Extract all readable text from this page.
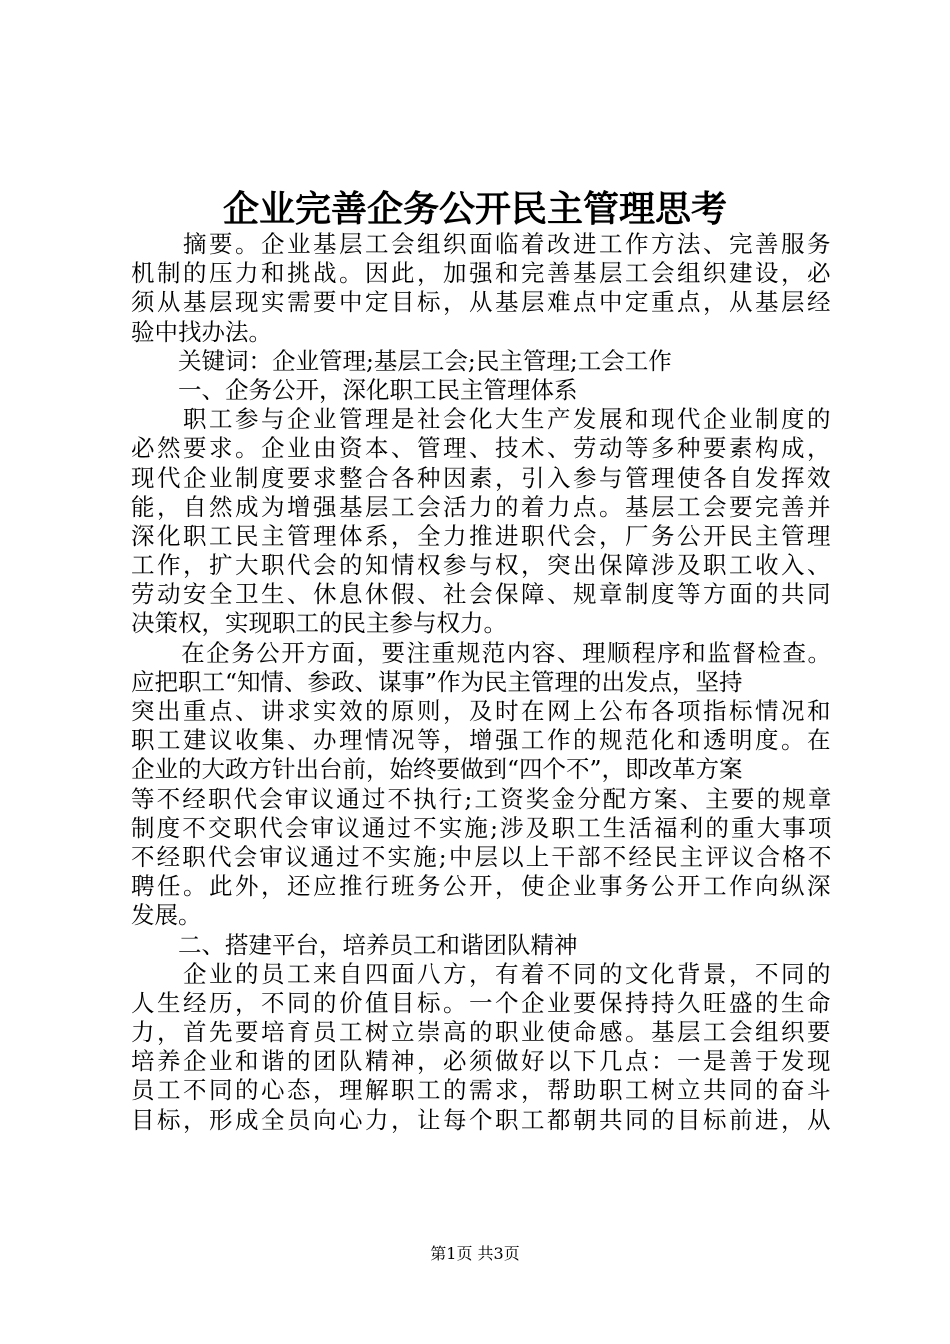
企业完善企务公开民主管理思考
　　摘要。企业基层工会组织面临着改进工作方法、完善服务
机制的压力和挑战。因此，加强和完善基层工会组织建设，必
须从基层现实需要中定目标，从基层难点中定重点，从基层经
验中找办法。
　　关键词：企业管理;基层工会;民主管理;工会工作
　　一、企务公开，深化职工民主管理体系
　　职工参与企业管理是社会化大生产发展和现代企业制度的
必然要求。企业由资本、管理、技术、劳动等多种要素构成，
现代企业制度要求整合各种因素，引入参与管理使各自发挥效
能，自然成为增强基层工会活力的着力点。基层工会要完善并
深化职工民主管理体系，全力推进职代会，厂务公开民主管理
工作，扩大职代会的知情权参与权，突出保障涉及职工收入、
劳动安全卫生、休息休假、社会保障、规章制度等方面的共同
决策权，实现职工的民主参与权力。
　　在企务公开方面，要注重规范内容、理顺程序和监督检查。
应把职工“知情、参政、谋事”作为民主管理的出发点，坚持
突出重点、讲求实效的原则，及时在网上公布各项指标情况和
职工建议收集、办理情况等，增强工作的规范化和透明度。在
企业的大政方针出台前，始终要做到“四个不”，即改革方案
等不经职代会审议通过不执行;工资奖金分配方案、主要的规章
制度不交职代会审议通过不实施;涉及职工生活福利的重大事项
不经职代会审议通过不实施;中层以上干部不经民主评议合格不
聘任。此外，还应推行班务公开，使企业事务公开工作向纵深
发展。
　　二、搭建平台，培养员工和谐团队精神
　　企业的员工来自四面八方，有着不同的文化背景，不同的
人生经历，不同的价值目标。一个企业要保持持久旺盛的生命
力，首先要培育员工树立崇高的职业使命感。基层工会组织要
培养企业和谐的团队精神，必须做好以下几点：一是善于发现
员工不同的心态，理解职工的需求，帮助职工树立共同的奋斗
目标，形成全员向心力，让每个职工都朝共同的目标前进，从
第1页 共3页
